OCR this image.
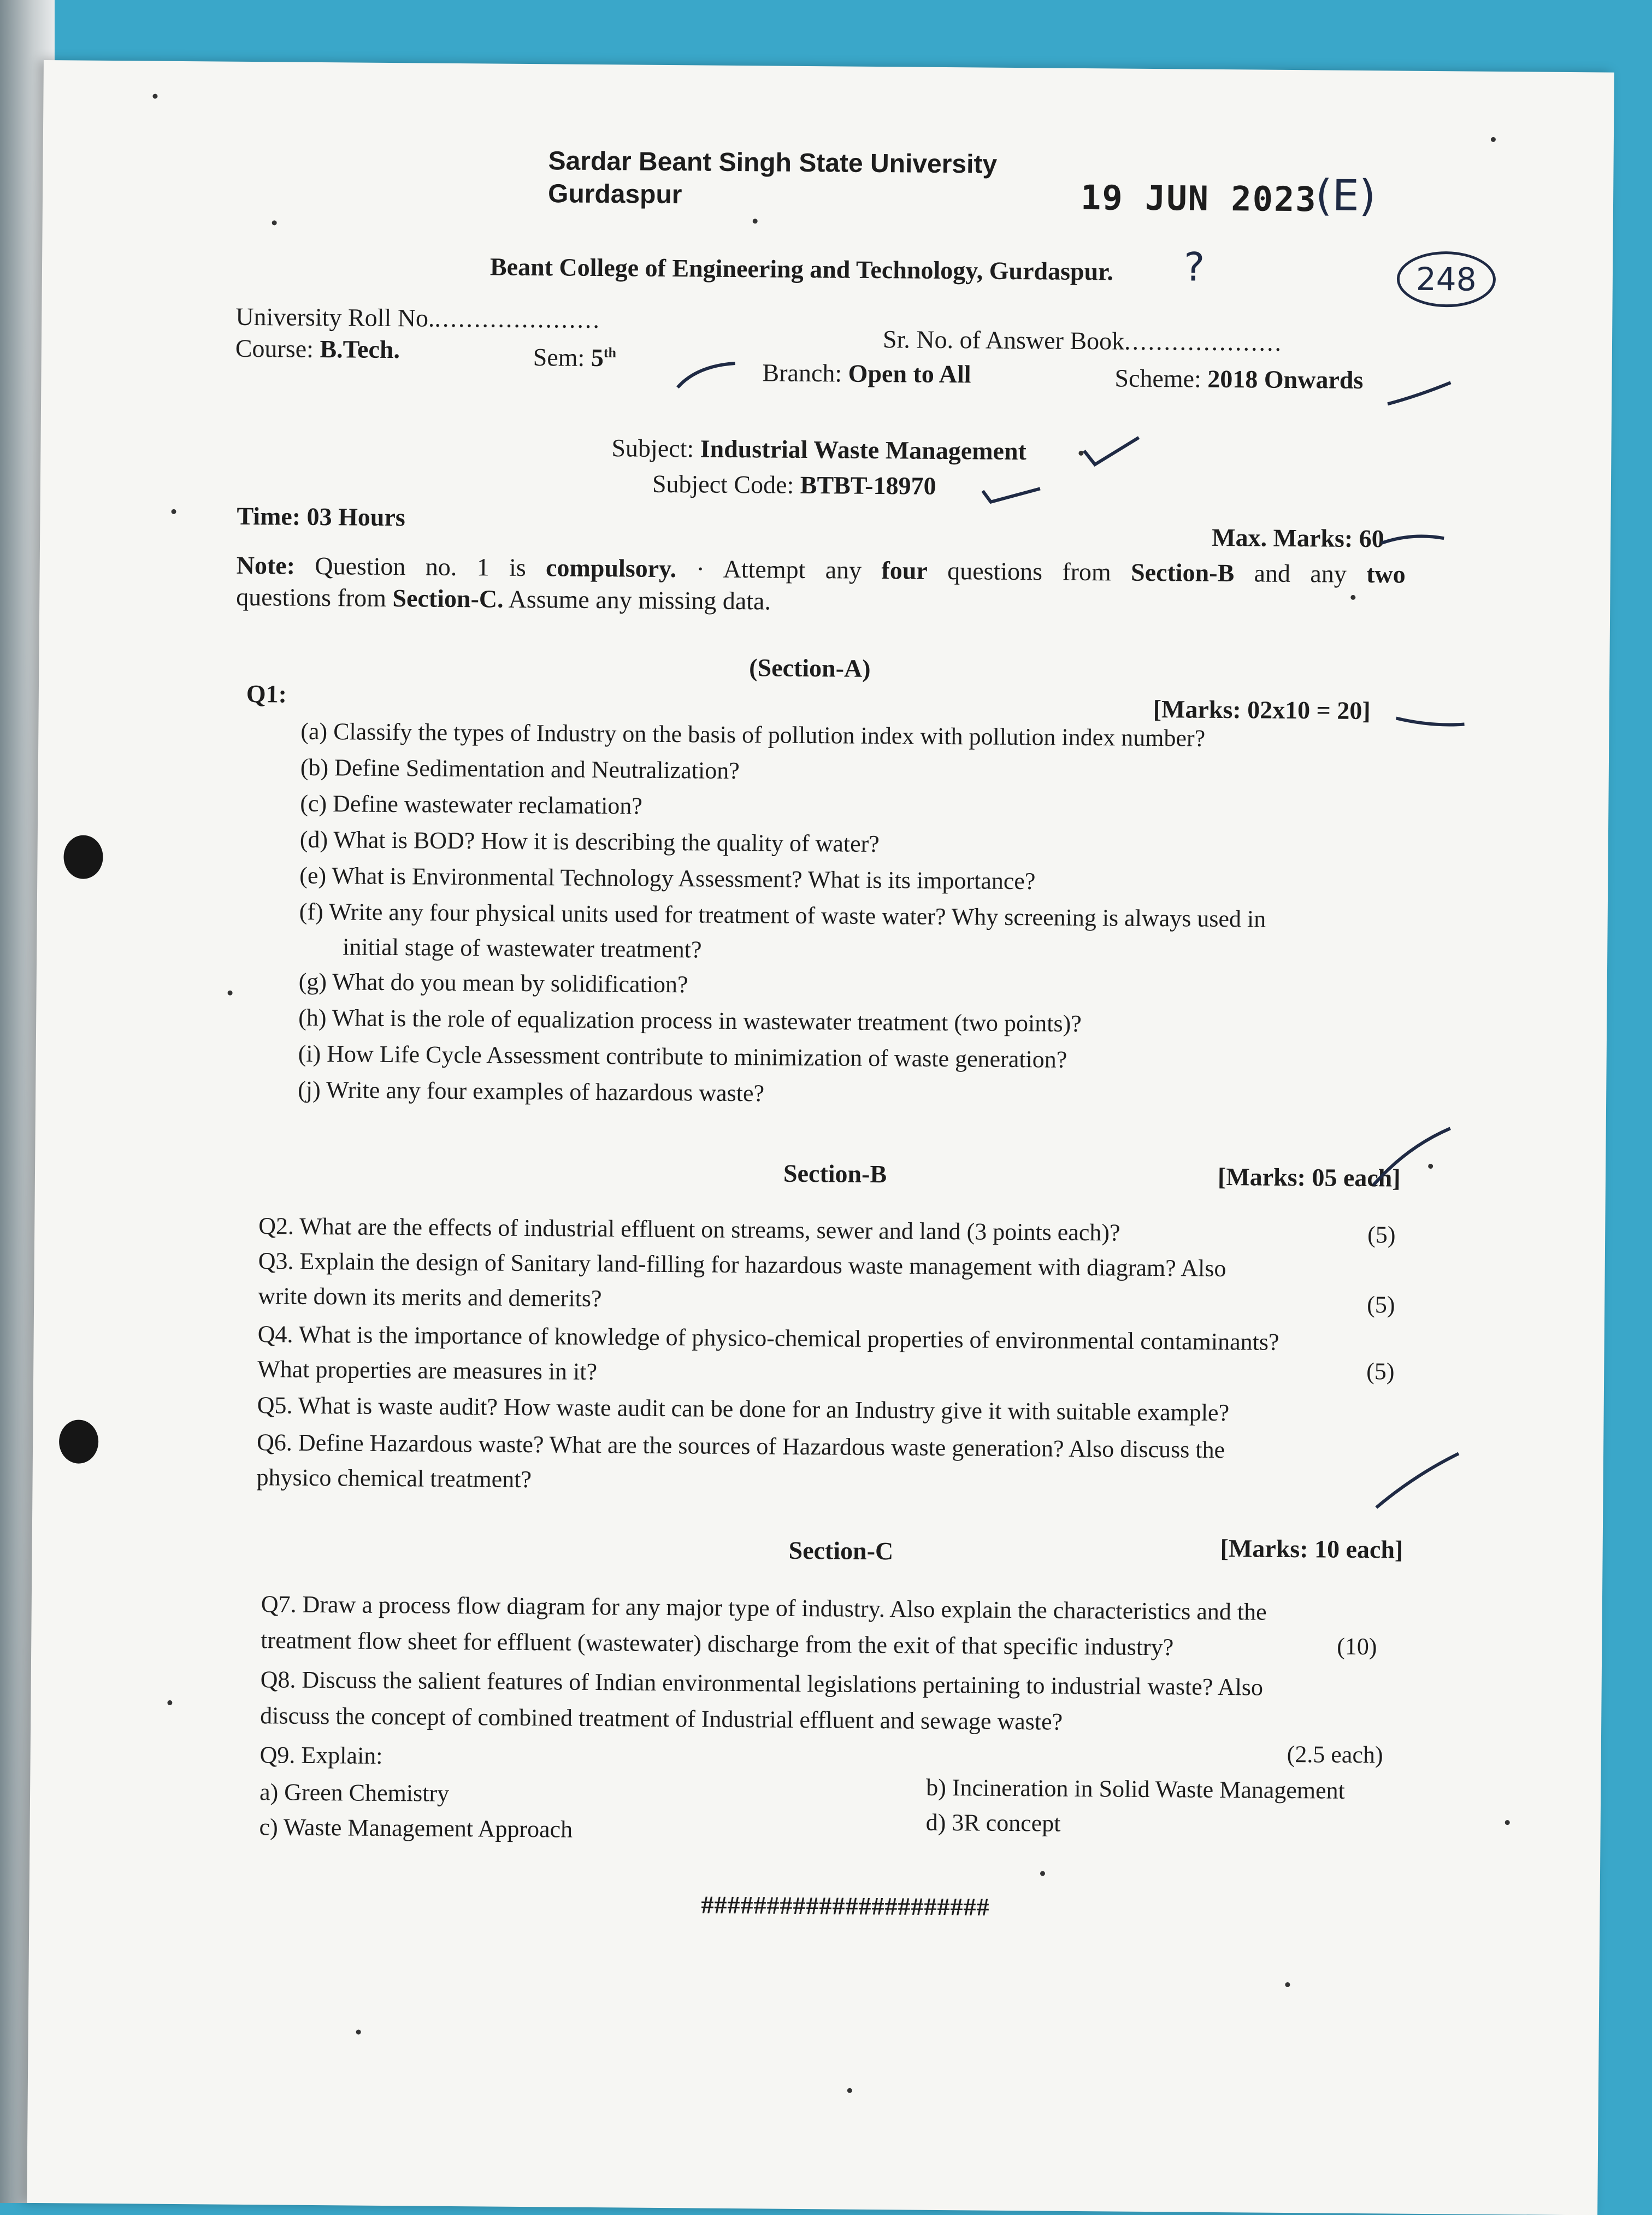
Sardar Beant Singh State University
Gurdaspur	19 JUN 2023
(E)
248
Beant College of Engineering and Technology, Gurdaspur. ?
University Roll No......................
Course: B.Tech.	Sem: 5th	Sr. No. of Answer Book....................
Branch: Open to All	Scheme: 2018 Onwards
Subject: Industrial Waste Management
Subject Code: BTBT-18970
Time: 03 Hours
Max. Marks: 60
Note: Question no. 1 is compulsory. · Attempt any four questions from Section-B and any two
questions from Section-C. Assume any missing data.
(Section-A)
Q1:
[Marks: 02x10 = 20]
(a) Classify the types of Industry on the basis of pollution index with pollution index number?
(b) Define Sedimentation and Neutralization?
(c) Define wastewater reclamation?
(d) What is BOD? How it is describing the quality of water?
(e) What is Environmental Technology Assessment? What is its importance?
(f) Write any four physical units used for treatment of waste water? Why screening is always used in
initial stage of wastewater treatment?
(g) What do you mean by solidification?
(h) What is the role of equalization process in wastewater treatment (two points)?
(i) How Life Cycle Assessment contribute to minimization of waste generation?
(j) Write any four examples of hazardous waste?
Section-B	[Marks: 05 each]
Q2. What are the effects of industrial effluent on streams, sewer and land (3 points each)?	(5)
Q3. Explain the design of Sanitary land-filling for hazardous waste management with diagram? Also
write down its merits and demerits?	(5)
Q4. What is the importance of knowledge of physico-chemical properties of environmental contaminants?
What properties are measures in it?	(5)
Q5. What is waste audit? How waste audit can be done for an Industry give it with suitable example?
Q6. Define Hazardous waste? What are the sources of Hazardous waste generation? Also discuss the
physico chemical treatment?
Section-C	[Marks: 10 each]
Q7. Draw a process flow diagram for any major type of industry. Also explain the characteristics and the
treatment flow sheet for effluent (wastewater) discharge from the exit of that specific industry?	(10)
Q8. Discuss the salient features of Indian environmental legislations pertaining to industrial waste? Also
discuss the concept of combined treatment of Industrial effluent and sewage waste?
Q9. Explain:	(2.5 each)
a) Green Chemistry	b) Incineration in Solid Waste Management
c) Waste Management Approach	d) 3R concept
######################
